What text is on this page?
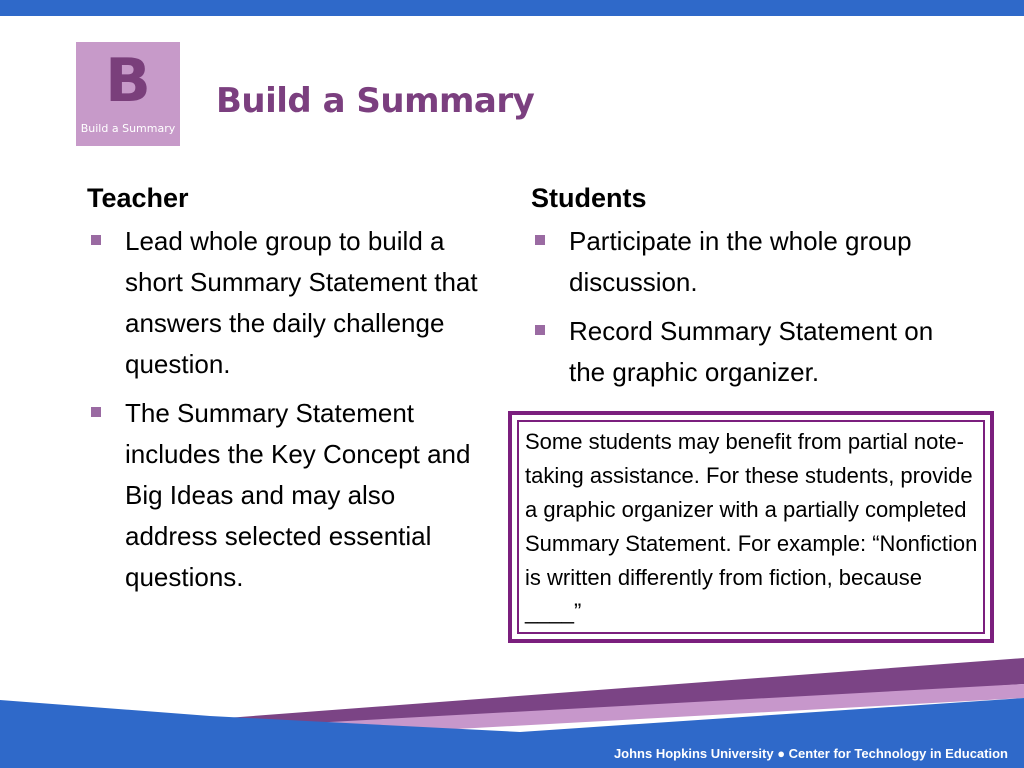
B
Build a Summary
Build a Summary
Teacher
Lead whole group to build a short Summary Statement that answers the daily challenge question.
The Summary Statement includes the Key Concept and Big Ideas and may also address selected essential questions.
Students
Participate in the whole group discussion.
Record Summary Statement on the graphic organizer.

Some students may benefit from partial note-taking assistance. For these students, provide a graphic organizer with a partially completed Summary Statement. For example: “Nonfiction is written differently from fiction, because ____”

Johns Hopkins University ● Center for Technology in Education
